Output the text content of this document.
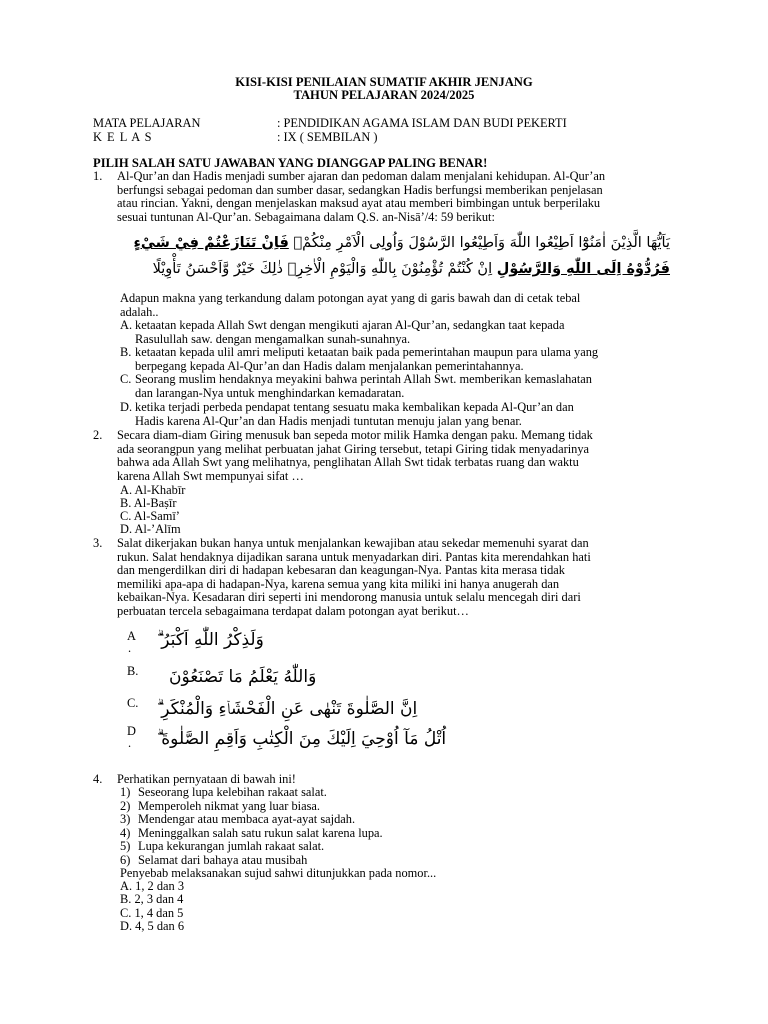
KISI-KISI PENILAIAN SUMATIF AKHIR JENJANG
TAHUN PELAJARAN 2024/2025
MATA PELAJARAN	: PENDIDIKAN AGAMA ISLAM DAN BUDI PEKERTI
K E L A S	: IX ( SEMBILAN )
PILIH SALAH SATU JAWABAN YANG DIANGGAP PALING BENAR!
1. Al-Qur’an dan Hadis menjadi sumber ajaran dan pedoman dalam menjalani kehidupan. Al-Qur’an
berfungsi sebagai pedoman dan sumber dasar, sedangkan Hadis berfungsi memberikan penjelasan
atau rincian. Yakni, dengan menjelaskan maksud ayat atau memberi bimbingan untuk berperilaku
sesuai tuntunan Al-Qur’an. Sebagaimana dalam Q.S. an-Nisā’/4: 59 berikut:
يَاَيُّهَا الَّذِيْنَ اٰمَنُوْٓا اَطِيْعُوا اللّٰهَ وَاَطِيْعُوا الرَّسُوْلَ وَاُولِى الْاَمْرِ مِنْكُمْۚ فَاِنْ تَنَازَعْتُمْ فِيْ شَيْءٍ
فَرُدُّوْهُ اِلَى اللّٰهِ وَالرَّسُوْلِ اِنْ كُنْتُمْ تُؤْمِنُوْنَ بِاللّٰهِ وَالْيَوْمِ الْاٰخِرِۗ ذٰلِكَ خَيْرٌ وَّاَحْسَنُ تَأْوِيْلًا
Adapun makna yang terkandung dalam potongan ayat yang di garis bawah dan di cetak tebal
adalah..
A. ketaatan kepada Allah Swt dengan mengikuti ajaran Al-Qur’an, sedangkan taat kepada
Rasulullah saw. dengan mengamalkan sunah-sunahnya.
B. ketaatan kepada ulil amri meliputi ketaatan baik pada pemerintahan maupun para ulama yang
berpegang kepada Al-Qur’an dan Hadis dalam menjalankan pemerintahannya.
C. Seorang muslim hendaknya meyakini bahwa perintah Allah Swt. memberikan kemaslahatan
dan larangan-Nya untuk menghindarkan kemadaratan.
D. ketika terjadi perbeda pendapat tentang sesuatu maka kembalikan kepada Al-Qur’an dan
Hadis karena Al-Qur’an dan Hadis menjadi tuntutan menuju jalan yang benar.
2. Secara diam-diam Giring menusuk ban sepeda motor milik Hamka dengan paku. Memang tidak
ada seorangpun yang melihat perbuatan jahat Giring tersebut, tetapi Giring tidak menyadarinya
bahwa ada Allah Swt yang melihatnya, penglihatan Allah Swt tidak terbatas ruang dan waktu
karena Allah Swt mempunyai sifat …
A. Al-Khabīr
B. Al-Baṣīr
C. Al-Samī’
D. Al-’Alīm
3. Salat dikerjakan bukan hanya untuk menjalankan kewajiban atau sekedar memenuhi syarat dan
rukun. Salat hendaknya dijadikan sarana untuk menyadarkan diri. Pantas kita merendahkan hati
dan mengerdilkan diri di hadapan kebesaran dan keagungan-Nya. Pantas kita merasa tidak
memiliki apa-apa di hadapan-Nya, karena semua yang kita miliki ini hanya anugerah dan
kebaikan-Nya. Kesadaran diri seperti ini mendorong manusia untuk selalu mencegah diri dari
perbuatan tercela sebagaimana terdapat dalam potongan ayat berikut…
A
. وَلَذِكْرُ اللّٰهِ اَكْبَرُ ۗ
B. وَاللّٰهُ يَعْلَمُ مَا تَصْنَعُوْنَ
C. اِنَّ الصَّلٰوةَ تَنْهٰى عَنِ الْفَحْشَاۤءِ وَالْمُنْكَرِ ۗ
D
. اُتْلُ مَآ اُوْحِيَ اِلَيْكَ مِنَ الْكِتٰبِ وَاَقِمِ الصَّلٰوةَ ۗ
4. Perhatikan pernyataan di bawah ini!
1) Seseorang lupa kelebihan rakaat salat.
2) Memperoleh nikmat yang luar biasa.
3) Mendengar atau membaca ayat-ayat sajdah.
4) Meninggalkan salah satu rukun salat karena lupa.
5) Lupa kekurangan jumlah rakaat salat.
6) Selamat dari bahaya atau musibah
Penyebab melaksanakan sujud sahwi ditunjukkan pada nomor...
A. 1, 2 dan 3
B. 2, 3 dan 4
C. 1, 4 dan 5
D. 4, 5 dan 6
